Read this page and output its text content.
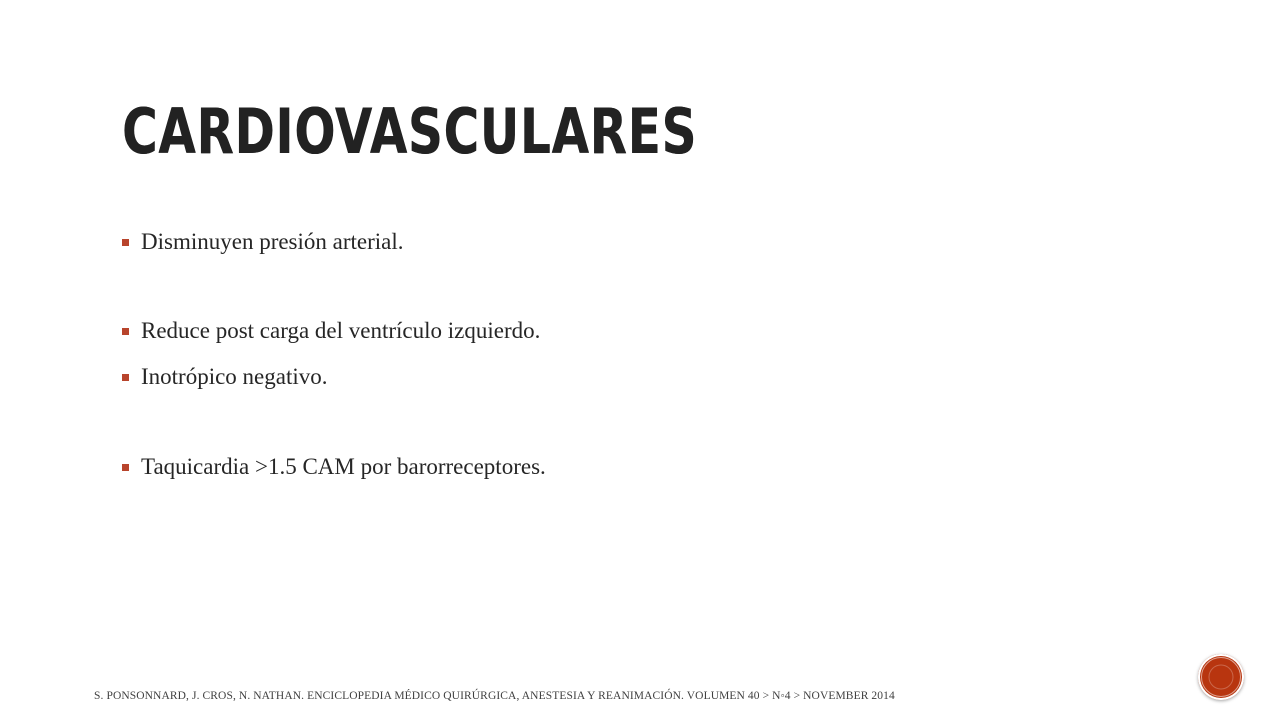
CARDIOVASCULARES
Disminuyen presión arterial.
Reduce post carga del ventrículo izquierdo.
Inotrópico negativo.
Taquicardia >1.5 CAM por barorreceptores.
S. PONSONNARD, J. CROS, N. NATHAN. ENCICLOPEDIA MÉDICO QUIRÚRGICA, ANESTESIA Y REANIMACIÓN. VOLUMEN 40 > N◦4 > NOVEMBER 2014
